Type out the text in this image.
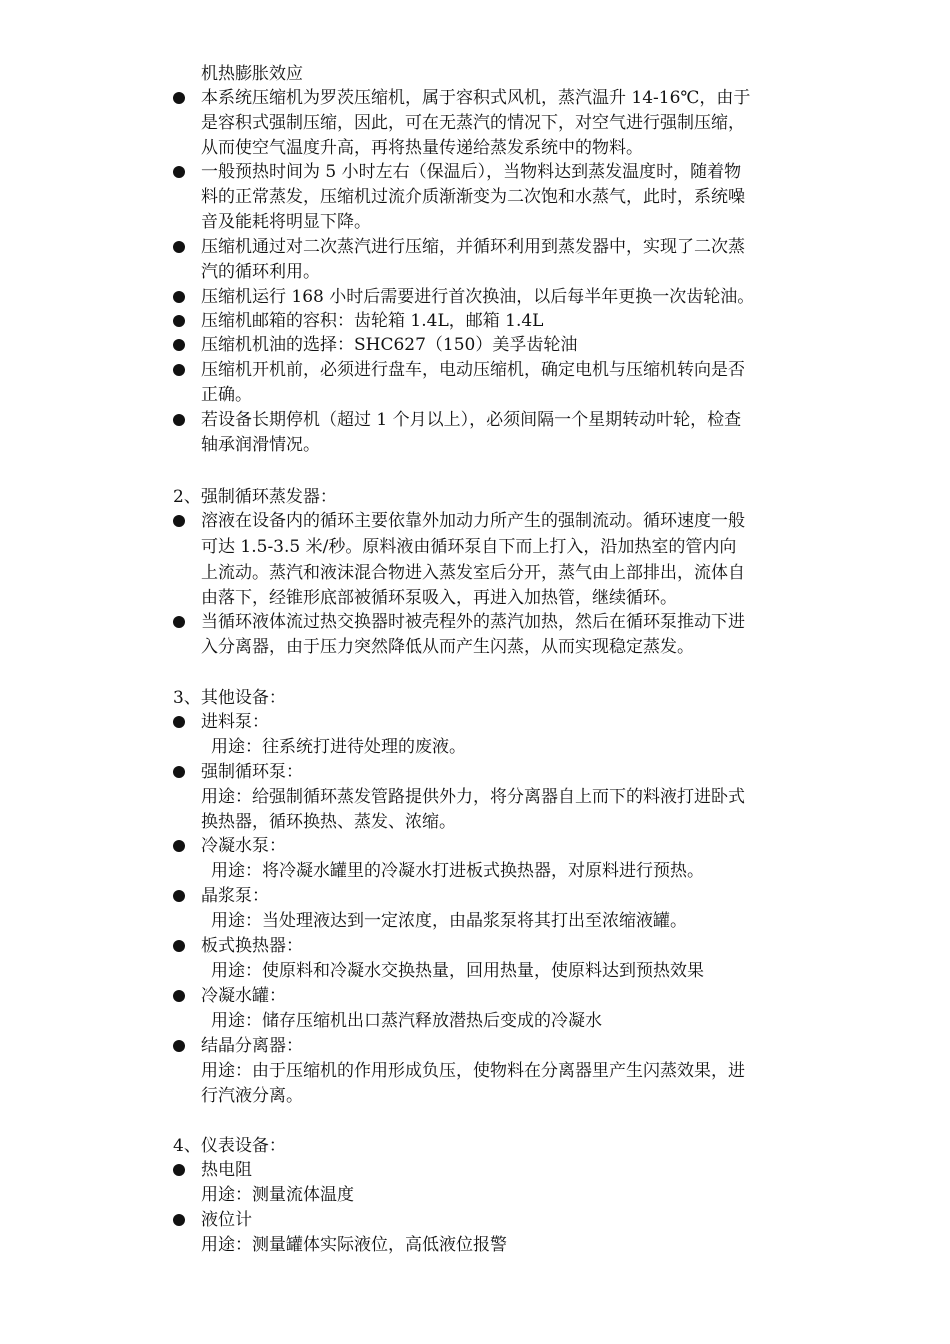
机热膨胀效应
本系统压缩机为罗茨压缩机，属于容积式风机，蒸汽温升 14-16℃，由于
是容积式强制压缩，因此，可在无蒸汽的情况下，对空气进行强制压缩，
从而使空气温度升高，再将热量传递给蒸发系统中的物料。
一般预热时间为 5 小时左右（保温后），当物料达到蒸发温度时，随着物
料的正常蒸发，压缩机过流介质渐渐变为二次饱和水蒸气，此时，系统噪
音及能耗将明显下降。
压缩机通过对二次蒸汽进行压缩，并循环利用到蒸发器中，实现了二次蒸
汽的循环利用。
压缩机运行 168 小时后需要进行首次换油，以后每半年更换一次齿轮油。
压缩机邮箱的容积：齿轮箱 1.4L，邮箱 1.4L
压缩机机油的选择：SHC627（150）美孚齿轮油
压缩机开机前，必须进行盘车，电动压缩机，确定电机与压缩机转向是否
正确。
若设备长期停机（超过 1 个月以上），必须间隔一个星期转动叶轮，检查
轴承润滑情况。
2、强制循环蒸发器：
溶液在设备内的循环主要依靠外加动力所产生的强制流动。循环速度一般
可达 1.5-3.5 米/秒。原料液由循环泵自下而上打入，沿加热室的管内向
上流动。蒸汽和液沫混合物进入蒸发室后分开，蒸气由上部排出，流体自
由落下，经锥形底部被循环泵吸入，再进入加热管，继续循环。
当循环液体流过热交换器时被壳程外的蒸汽加热，然后在循环泵推动下进
入分离器，由于压力突然降低从而产生闪蒸，从而实现稳定蒸发。
3、其他设备：
进料泵：
用途：往系统打进待处理的废液。
强制循环泵：
用途：给强制循环蒸发管路提供外力，将分离器自上而下的料液打进卧式
换热器，循环换热、蒸发、浓缩。
冷凝水泵：
用途：将冷凝水罐里的冷凝水打进板式换热器，对原料进行预热。
晶浆泵：
用途：当处理液达到一定浓度，由晶浆泵将其打出至浓缩液罐。
板式换热器：
用途：使原料和冷凝水交换热量，回用热量，使原料达到预热效果
冷凝水罐：
用途：储存压缩机出口蒸汽释放潜热后变成的冷凝水
结晶分离器：
用途：由于压缩机的作用形成负压，使物料在分离器里产生闪蒸效果，进
行汽液分离。
4、仪表设备：
热电阻
用途：测量流体温度
液位计
用途：测量罐体实际液位，高低液位报警
